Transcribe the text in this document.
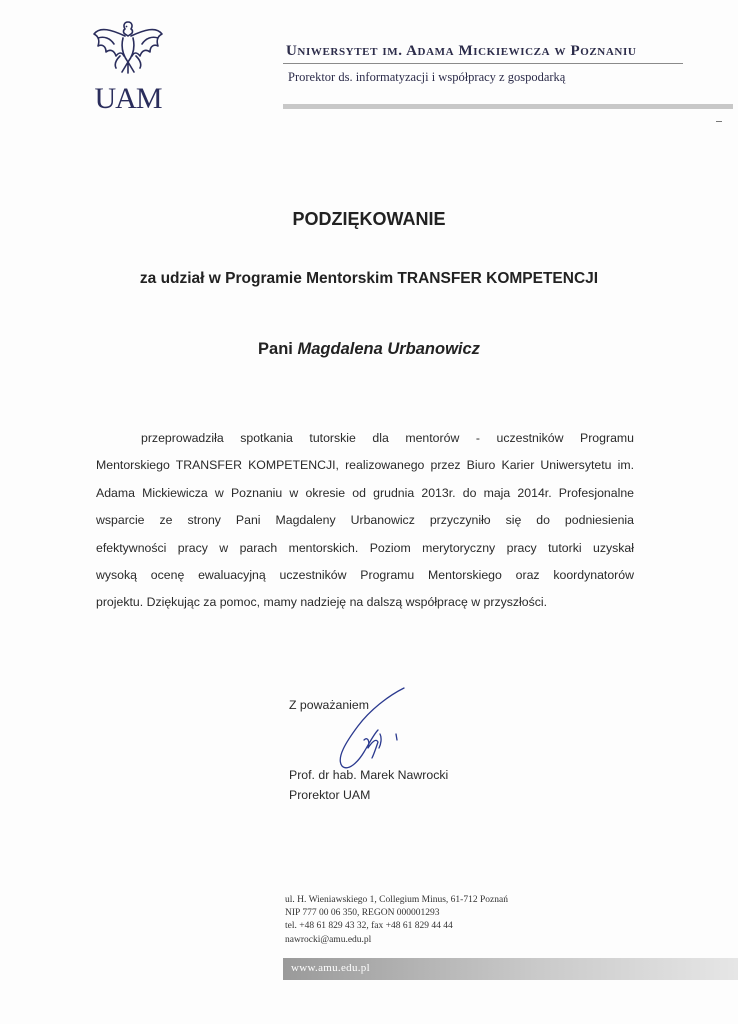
UAM
Uniwersytet im. Adama Mickiewicza w Poznaniu
Prorektor ds. informatyzacji i współpracy z gospodarką
PODZIĘKOWANIE
za udział w Programie Mentorskim TRANSFER KOMPETENCJI
Pani Magdalena Urbanowicz
przeprowadziła spotkania tutorskie dla mentorów - uczestników Programu
Mentorskiego TRANSFER KOMPETENCJI, realizowanego przez Biuro Karier Uniwersytetu im.
Adama Mickiewicza w Poznaniu w okresie od grudnia 2013r. do maja 2014r. Profesjonalne
wsparcie ze strony Pani Magdaleny Urbanowicz przyczyniło się do podniesienia
efektywności pracy w parach mentorskich. Poziom merytoryczny pracy tutorki uzyskał
wysoką ocenę ewaluacyjną uczestników Programu Mentorskiego oraz koordynatorów
projektu. Dziękując za pomoc, mamy nadzieję na dalszą współpracę w przyszłości.
Z poważaniem
Prof. dr hab. Marek Nawrocki
Prorektor UAM
ul. H. Wieniawskiego 1, Collegium Minus, 61-712 Poznań
NIP 777 00 06 350, REGON 000001293
tel. +48 61 829 43 32, fax +48 61 829 44 44
nawrocki@amu.edu.pl
www.amu.edu.pl
